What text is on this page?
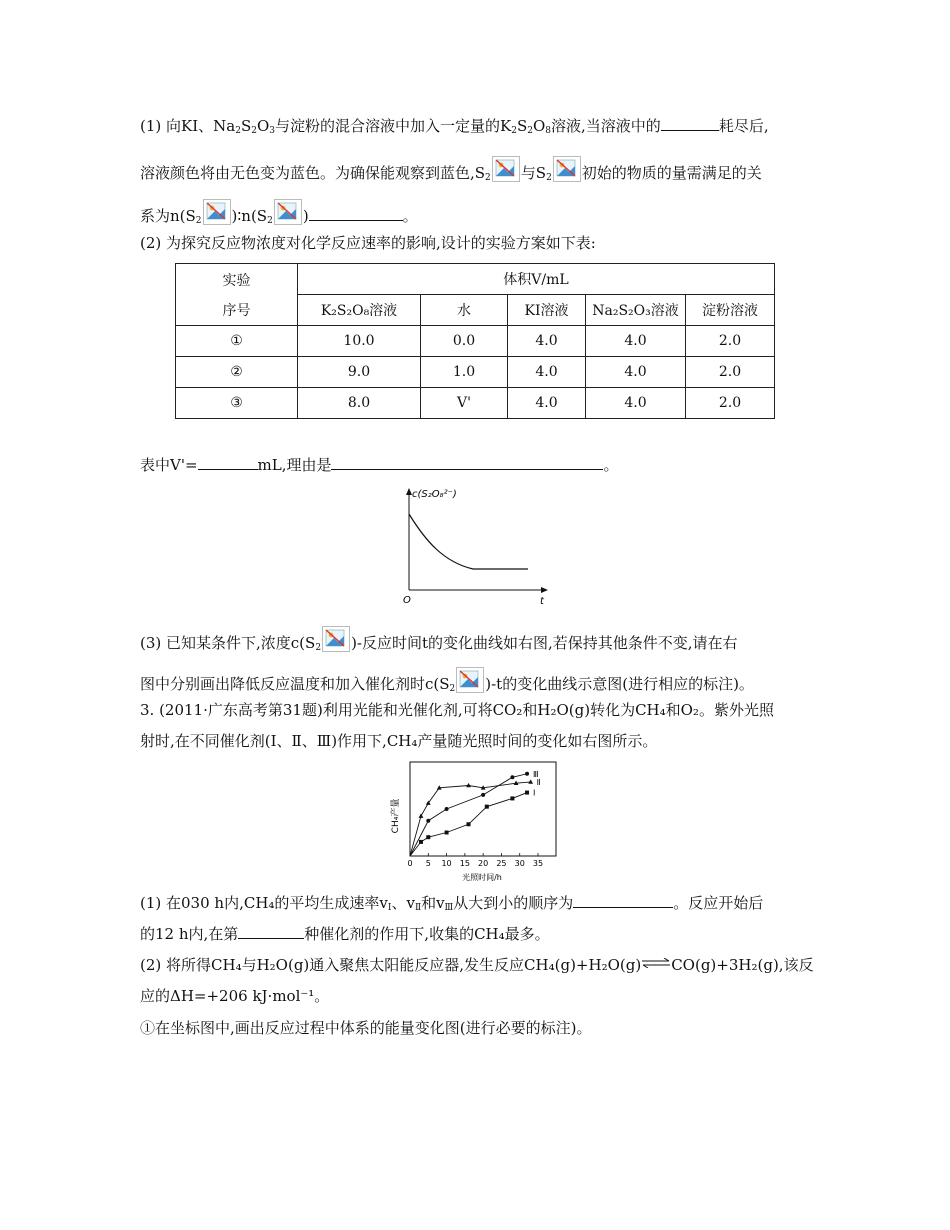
(1) 向KI、$Na_2S_2O_3$与淀粉的混合溶液中加入一定量的$K_2S_2O_8$溶液,当溶液中的	耗尽后,
溶液颜色将由无色变为蓝色。为确保能观察到蓝色$,S_2$ 与$S_2$ 初始的物质的量需满足的关
系为$n(S_2$ )$∶n(S_2$ )	。
(2) 为探究反应物浓度对化学反应速率的影响,设计的实验方案如下表:
实验
序号	体积V/mL				
	K₂S₂O₈溶液	水	KI溶液	Na₂S₂O₃溶液	淀粉溶液
①	10.0	0.0	4.0	4.0	2.0
②	9.0	1.0	4.0	4.0	2.0
③	8.0	V'	4.0	4.0	2.0
表中V'=	mL,理由是	。
c(S₂O₈²⁻)
O	t
(3) 已知某条件下,浓度$c(S_2$ )-反应时间t的变化曲线如右图,若保持其他条件不变,请在右
图中分别画出降低反应温度和加入催化剂时$c(S_2$ )-t的变化曲线示意图(进行相应的标注)。
3. (2011·广东高考第31题)利用光能和光催化剂,可将CO₂和H₂O(g)转化为CH₄和O₂。紫外光照
射时,在不同催化剂(Ⅰ、Ⅱ、Ⅲ)作用下,CH₄产量随光照时间的变化如右图所示。
0 5 10 15 20 25 30 35
Ⅲ
Ⅱ
Ⅰ
CH₄产量
光照时间/h
(1) 在030 h内,CH₄的平均生成速率$v_Ⅰ$、$v_Ⅱ$和$v_Ⅲ$从大到小的顺序为	。反应开始后
的12 h内,在第	种催化剂的作用下,收集的CH₄最多。
(2) 将所得CH₄与H₂O(g)通入聚焦太阳能反应器,发生反应CH₄(g)+H₂O(g)⇌CO(g)+3H₂(g),该反
应的ΔH=+206 kJ·mol⁻¹。
①在坐标图中,画出反应过程中体系的能量变化图(进行必要的标注)。
